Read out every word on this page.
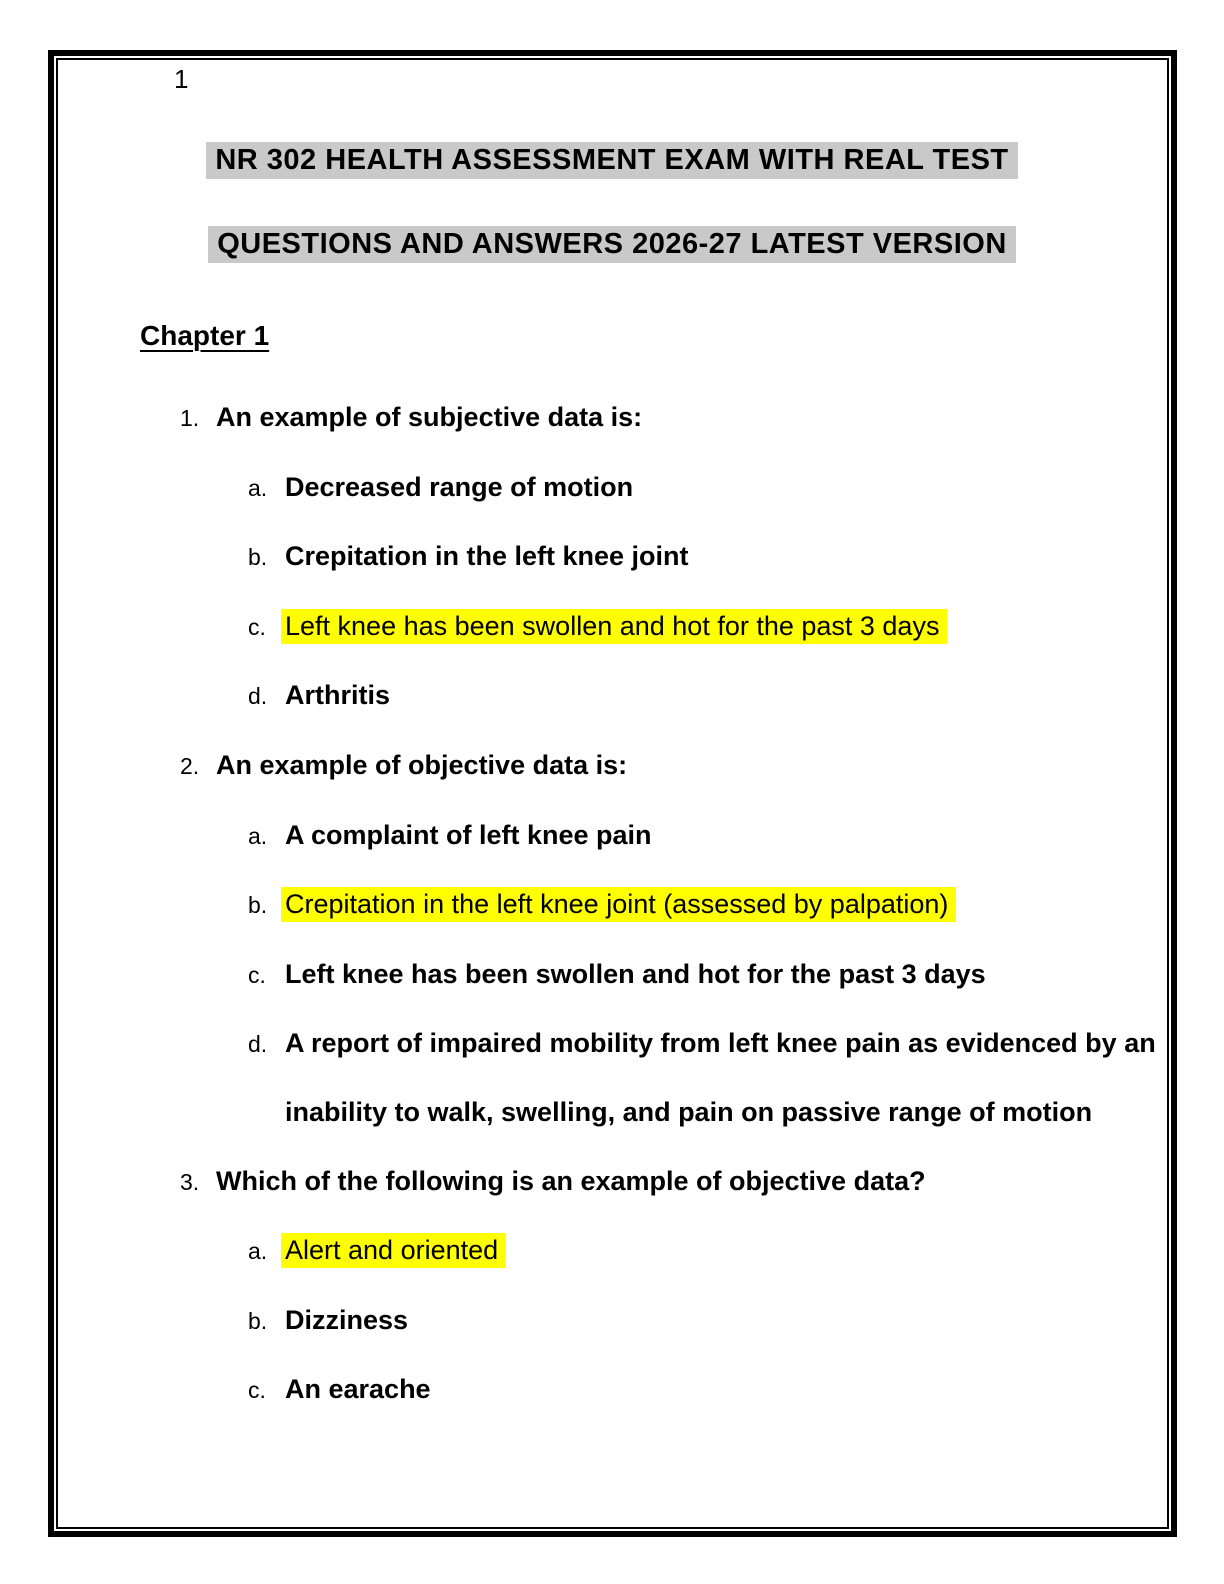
1
NR 302 HEALTH ASSESSMENT EXAM WITH REAL TEST
QUESTIONS AND ANSWERS 2026-27 LATEST VERSION
Chapter 1
1. An example of subjective data is:
a. Decreased range of motion
b. Crepitation in the left knee joint
c. Left knee has been swollen and hot for the past 3 days
d. Arthritis
2. An example of objective data is:
a. A complaint of left knee pain
b. Crepitation in the left knee joint (assessed by palpation)
c. Left knee has been swollen and hot for the past 3 days
d. A report of impaired mobility from left knee pain as evidenced by an inability to walk, swelling, and pain on passive range of motion
3. Which of the following is an example of objective data?
a. Alert and oriented
b. Dizziness
c. An earache
